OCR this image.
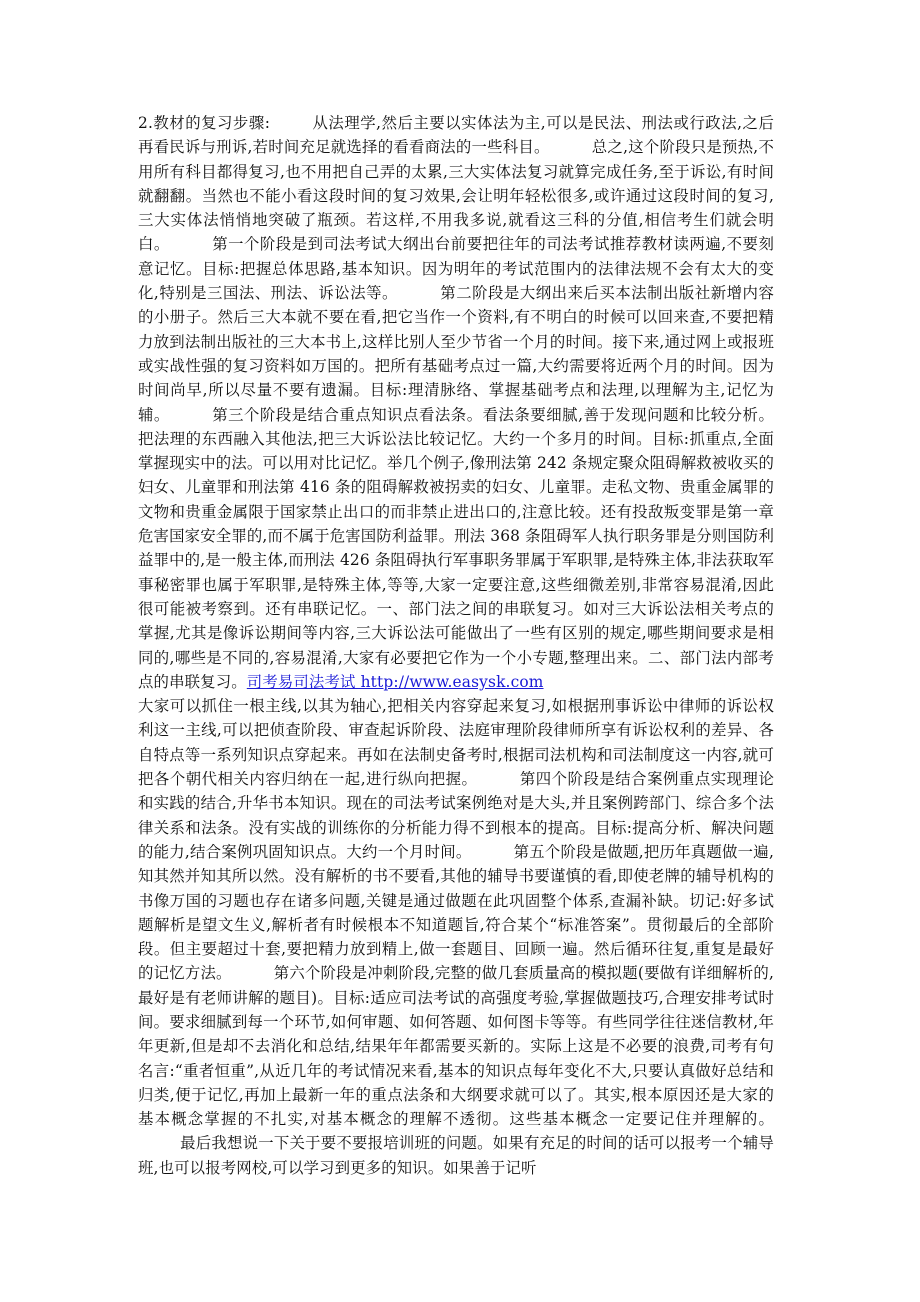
2.教材的复习步骤:	从法理学,然后主要以实体法为主,可以是民法、刑法或行政法,之后再看民诉与刑诉,若时间充足就选择的看看商法的一些科目。	总之,这个阶段只是预热,不用所有科目都得复习,也不用把自己弄的太累,三大实体法复习就算完成任务,至于诉讼,有时间就翻翻。当然也不能小看这段时间的复习效果,会让明年轻松很多,或许通过这段时间的复习,三大实体法悄悄地突破了瓶颈。若这样,不用我多说,就看这三科的分值,相信考生们就会明白。	第一个阶段是到司法考试大纲出台前要把往年的司法考试推荐教材读两遍,不要刻意记忆。目标:把握总体思路,基本知识。因为明年的考试范围内的法律法规不会有太大的变化,特别是三国法、刑法、诉讼法等。	第二阶段是大纲出来后买本法制出版社新增内容的小册子。然后三大本就不要在看,把它当作一个资料,有不明白的时候可以回来查,不要把精力放到法制出版社的三大本书上,这样比别人至少节省一个月的时间。接下来,通过网上或报班或实战性强的复习资料如万国的。把所有基础考点过一篇,大约需要将近两个月的时间。因为时间尚早,所以尽量不要有遗漏。目标:理清脉络、掌握基础考点和法理,以理解为主,记忆为辅。	第三个阶段是结合重点知识点看法条。看法条要细腻,善于发现问题和比较分析。把法理的东西融入其他法,把三大诉讼法比较记忆。大约一个多月的时间。目标:抓重点,全面掌握现实中的法。可以用对比记忆。举几个例子,像刑法第 242 条规定聚众阻碍解救被收买的妇女、儿童罪和刑法第 416 条的阻碍解救被拐卖的妇女、儿童罪。走私文物、贵重金属罪的文物和贵重金属限于国家禁止出口的而非禁止进出口的,注意比较。还有投敌叛变罪是第一章危害国家安全罪的,而不属于危害国防利益罪。刑法 368 条阻碍军人执行职务罪是分则国防利益罪中的,是一般主体,而刑法 426 条阻碍执行军事职务罪属于军职罪,是特殊主体,非法获取军事秘密罪也属于军职罪,是特殊主体,等等,大家一定要注意,这些细微差别,非常容易混淆,因此很可能被考察到。还有串联记忆。一、部门法之间的串联复习。如对三大诉讼法相关考点的掌握,尤其是像诉讼期间等内容,三大诉讼法可能做出了一些有区别的规定,哪些期间要求是相同的,哪些是不同的,容易混淆,大家有必要把它作为一个小专题,整理出来。二、部门法内部考点的串联复习。司考易司法考试 http://www.easysk.com

大家可以抓住一根主线,以其为轴心,把相关内容穿起来复习,如根据刑事诉讼中律师的诉讼权利这一主线,可以把侦查阶段、审查起诉阶段、法庭审理阶段律师所享有诉讼权利的差异、各自特点等一系列知识点穿起来。再如在法制史备考时,根据司法机构和司法制度这一内容,就可把各个朝代相关内容归纳在一起,进行纵向把握。	第四个阶段是结合案例重点实现理论和实践的结合,升华书本知识。现在的司法考试案例绝对是大头,并且案例跨部门、综合多个法律关系和法条。没有实战的训练你的分析能力得不到根本的提高。目标:提高分析、解决问题的能力,结合案例巩固知识点。大约一个月时间。	第五个阶段是做题,把历年真题做一遍,知其然并知其所以然。没有解析的书不要看,其他的辅导书要谨慎的看,即使老牌的辅导机构的书像万国的习题也存在诸多问题,关键是通过做题在此巩固整个体系,查漏补缺。切记:好多试题解析是望文生义,解析者有时候根本不知道题旨,符合某个“标准答案”。贯彻最后的全部阶段。但主要超过十套,要把精力放到精上,做一套题目、回顾一遍。然后循环往复,重复是最好的记忆方法。	第六个阶段是冲刺阶段,完整的做几套质量高的模拟题(要做有详细解析的,最好是有老师讲解的题目)。目标:适应司法考试的高强度考验,掌握做题技巧,合理安排考试时间。要求细腻到每一个环节,如何审题、如何答题、如何图卡等等。有些同学往往迷信教材,年年更新,但是却不去消化和总结,结果年年都需要买新的。实际上这是不必要的浪费,司考有句名言:“重者恒重”,从近几年的考试情况来看,基本的知识点每年变化不大,只要认真做好总结和归类,便于记忆,再加上最新一年的重点法条和大纲要求就可以了。其实,根本原因还是大家的基本概念掌握的不扎实,对基本概念的理解不透彻。这些基本概念一定要记住并理解的。最后我想说一下关于要不要报培训班的问题。如果有充足的时间的话可以报考一个辅导班,也可以报考网校,可以学习到更多的知识。如果善于记听
